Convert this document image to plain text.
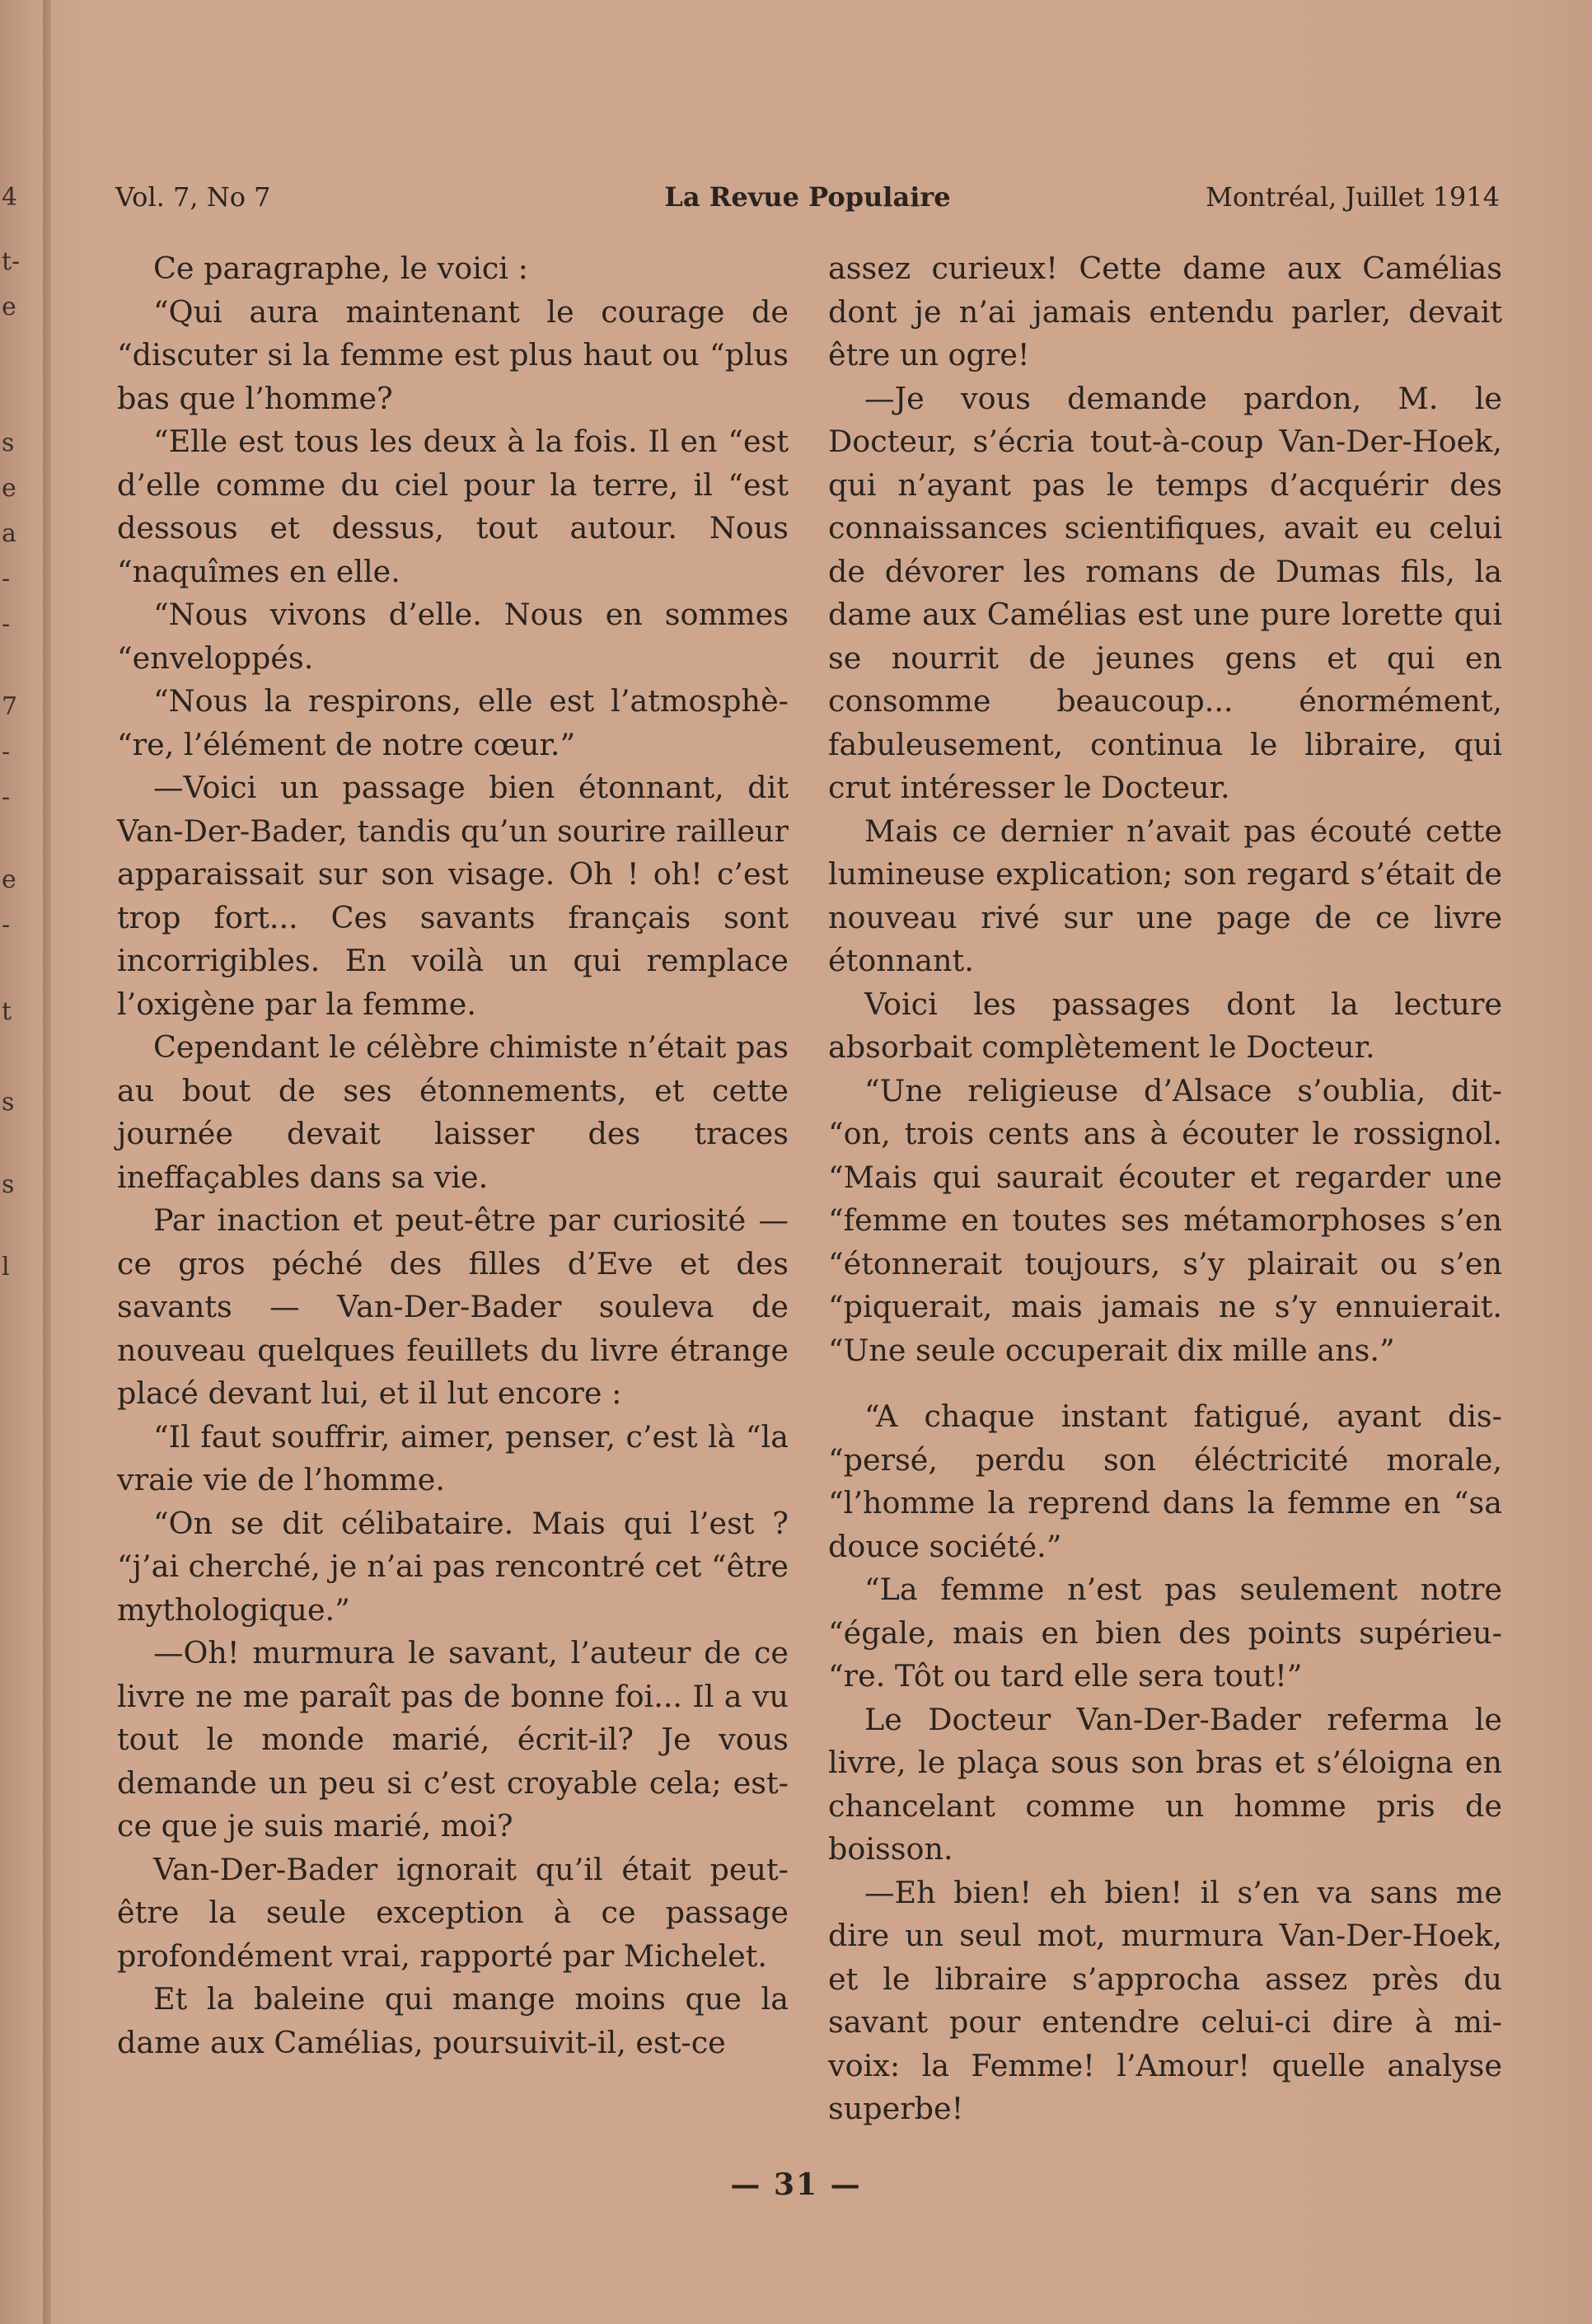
4
t-
e
s
e
a
-
-
7
-
-
e
-
t
s
s
l
La Revue Populaire
Vol. 7, No 7	Montréal, Juillet 1914

Ce paragraphe, le voici :

“Qui aura maintenant le courage de “discuter si la femme est plus haut ou “plus bas que l’homme?

“Elle est tous les deux à la fois. Il en “est d’elle comme du ciel pour la terre, il “est dessous et dessus, tout autour. Nous “naquîmes en elle.

“Nous vivons d’elle. Nous en sommes “enveloppés.

“Nous la respirons, elle est l’atmosphè- “re, l’élément de notre cœur.”

—Voici un passage bien étonnant, dit Van-Der-Bader, tandis qu’un sourire railleur apparaissait sur son visage. Oh ! oh! c’est trop fort... Ces savants français sont incorrigibles. En voilà un qui remplace l’oxigène par la femme.

Cependant le célèbre chimiste n’était pas au bout de ses étonnements, et cette journée devait laisser des traces ineffaçables dans sa vie.

Par inaction et peut-être par curiosité —ce gros péché des filles d’Eve et des savants — Van-Der-Bader souleva de nouveau quelques feuillets du livre étrange placé devant lui, et il lut encore :

“Il faut souffrir, aimer, penser, c’est là “la vraie vie de l’homme.

“On se dit célibataire. Mais qui l’est ? “j’ai cherché, je n’ai pas rencontré cet “être mythologique.”

—Oh! murmura le savant, l’auteur de ce livre ne me paraît pas de bonne foi... Il a vu tout le monde marié, écrit-il? Je vous demande un peu si c’est croyable cela; est-ce que je suis marié, moi?

Van-Der-Bader ignorait qu’il était peut-être la seule exception à ce passage profondément vrai, rapporté par Michelet.

Et la baleine qui mange moins que la dame aux Camélias, poursuivit-il, est-ce

assez curieux! Cette dame aux Camélias dont je n’ai jamais entendu parler, devait être un ogre!

—Je vous demande pardon, M. le Docteur, s’écria tout-à-coup Van-Der-Hoek, qui n’ayant pas le temps d’acquérir des connaissances scientifiques, avait eu celui de dévorer les romans de Dumas fils, la dame aux Camélias est une pure lorette qui se nourrit de jeunes gens et qui en consomme beaucoup... énormément, fabuleusement, continua le libraire, qui crut intéresser le Docteur.

Mais ce dernier n’avait pas écouté cette lumineuse explication; son regard s’était de nouveau rivé sur une page de ce livre étonnant.

Voici les passages dont la lecture absorbait complètement le Docteur.

“Une religieuse d’Alsace s’oublia, dit- “on, trois cents ans à écouter le rossignol. “Mais qui saurait écouter et regarder une “femme en toutes ses métamorphoses s’en “étonnerait toujours, s’y plairait ou s’en “piquerait, mais jamais ne s’y ennuierait. “Une seule occuperait dix mille ans.”

“A chaque instant fatigué, ayant dis- “persé, perdu son éléctricité morale, “l’homme la reprend dans la femme en “sa douce société.”

“La femme n’est pas seulement notre “égale, mais en bien des points supérieu- “re. Tôt ou tard elle sera tout!”

Le Docteur Van-Der-Bader referma le livre, le plaça sous son bras et s’éloigna en chancelant comme un homme pris de boisson.

—Eh bien! eh bien! il s’en va sans me dire un seul mot, murmura Van-Der-Hoek, et le libraire s’approcha assez près du savant pour entendre celui-ci dire à mi-voix: la Femme! l’Amour! quelle analyse superbe!

— 31 —
